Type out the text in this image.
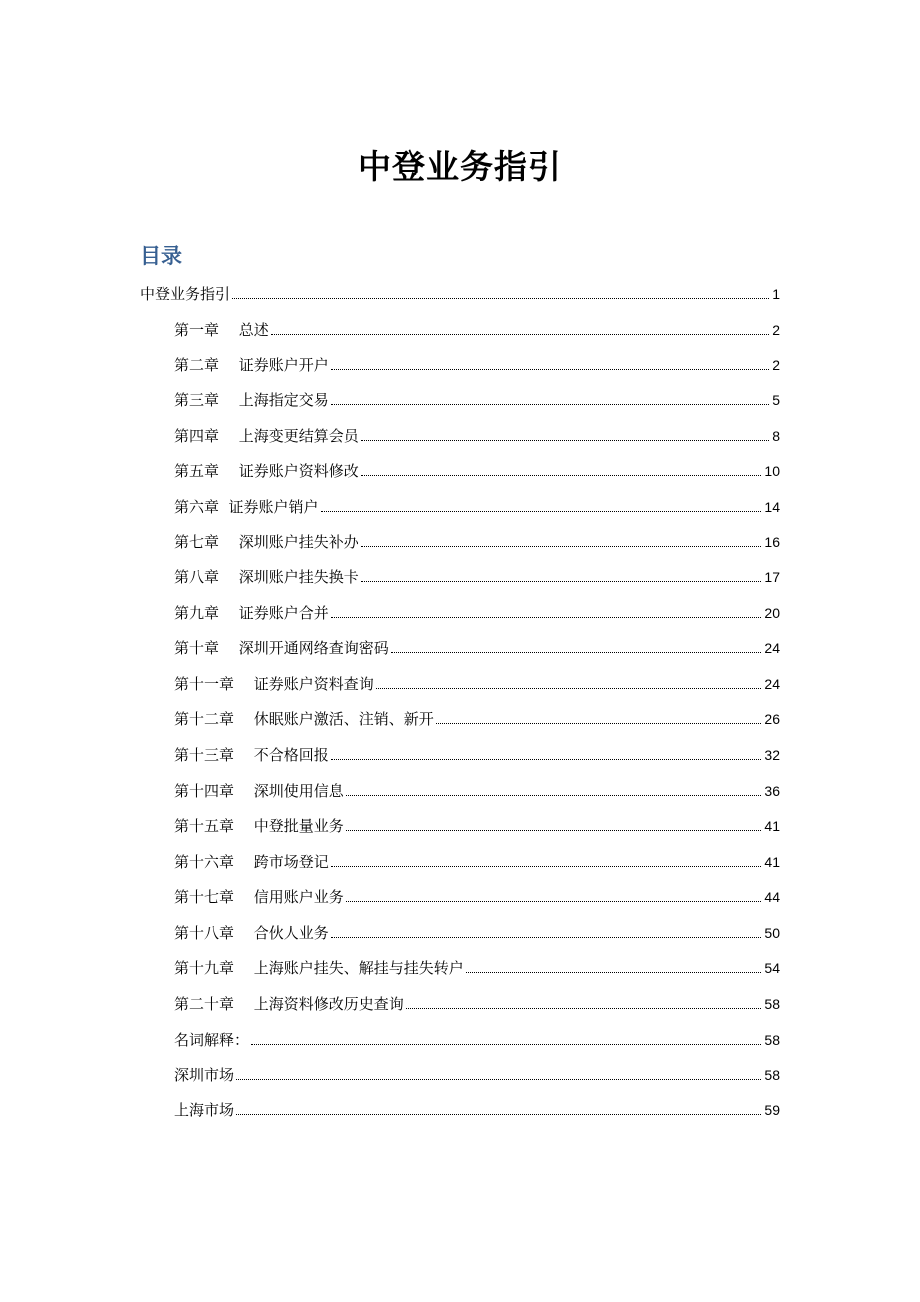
中登业务指引
目录
中登业务指引	1
第一章　 总述	2
第二章　 证券账户开户	2
第三章　 上海指定交易	5
第四章　 上海变更结算会员	8
第五章　 证券账户资料修改	10
第六章  证券账户销户	14
第七章　 深圳账户挂失补办	16
第八章　 深圳账户挂失换卡	17
第九章　 证券账户合并	20
第十章　 深圳开通网络查询密码	24
第十一章　 证券账户资料查询	24
第十二章　 休眠账户激活、注销、新开	26
第十三章　 不合格回报	32
第十四章　 深圳使用信息	36
第十五章　 中登批量业务	41
第十六章　 跨市场登记	41
第十七章　 信用账户业务	44
第十八章　 合伙人业务	50
第十九章　 上海账户挂失、解挂与挂失转户	54
第二十章　 上海资料修改历史查询	58
名词解释：	58
深圳市场	58
上海市场	59
